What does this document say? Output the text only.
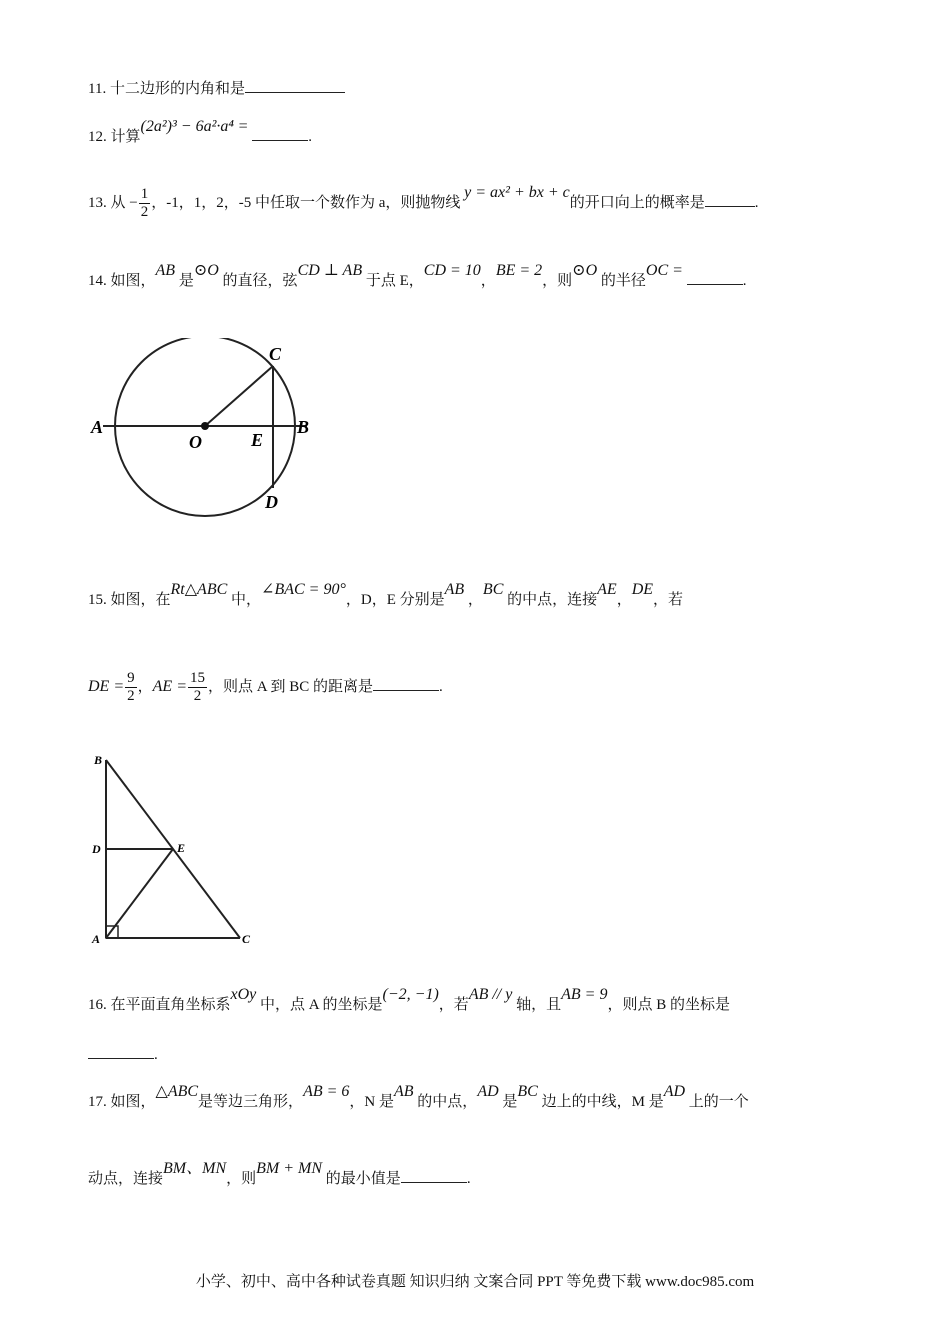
11. 十二边形的内角和是
12. 计算(2a²)³ − 6a²·a⁴ = .
13. 从 − $\frac{1}{2}$ ，-1，1，2，-5 中任取一个数作为 a，则抛物线 y = ax² + bx + c的开口向上的概率是	.
14. 如图，AB 是⊙O 的直径，弦CD ⊥ AB 于点 E，CD = 10，BE = 2，则⊙O 的半径OC = .
A	B
C
D
O	E
15. 如图，在Rt△ABC 中，∠BAC = 90°，D，E 分别是AB ，BC 的中点，连接AE，DE，若
DE = $\frac{9}{2}$ ，AE = $\frac{15}{2}$ ，则点 A 到 BC 的距离是	.
B
D	E
A	C
16. 在平面直角坐标系xOy 中，点 A 的坐标是(−2, −1)，若AB // y 轴，且AB = 9，则点 B 的坐标是
.
17. 如图，△ABC是等边三角形，AB = 6，N 是AB 的中点，AD 是BC 边上的中线，M 是AD 上的一个
动点，连接BM、MN，则BM + MN 的最小值是	.
小学、初中、高中各种试卷真题 知识归纳 文案合同 PPT 等免费下载 www.doc985.com
